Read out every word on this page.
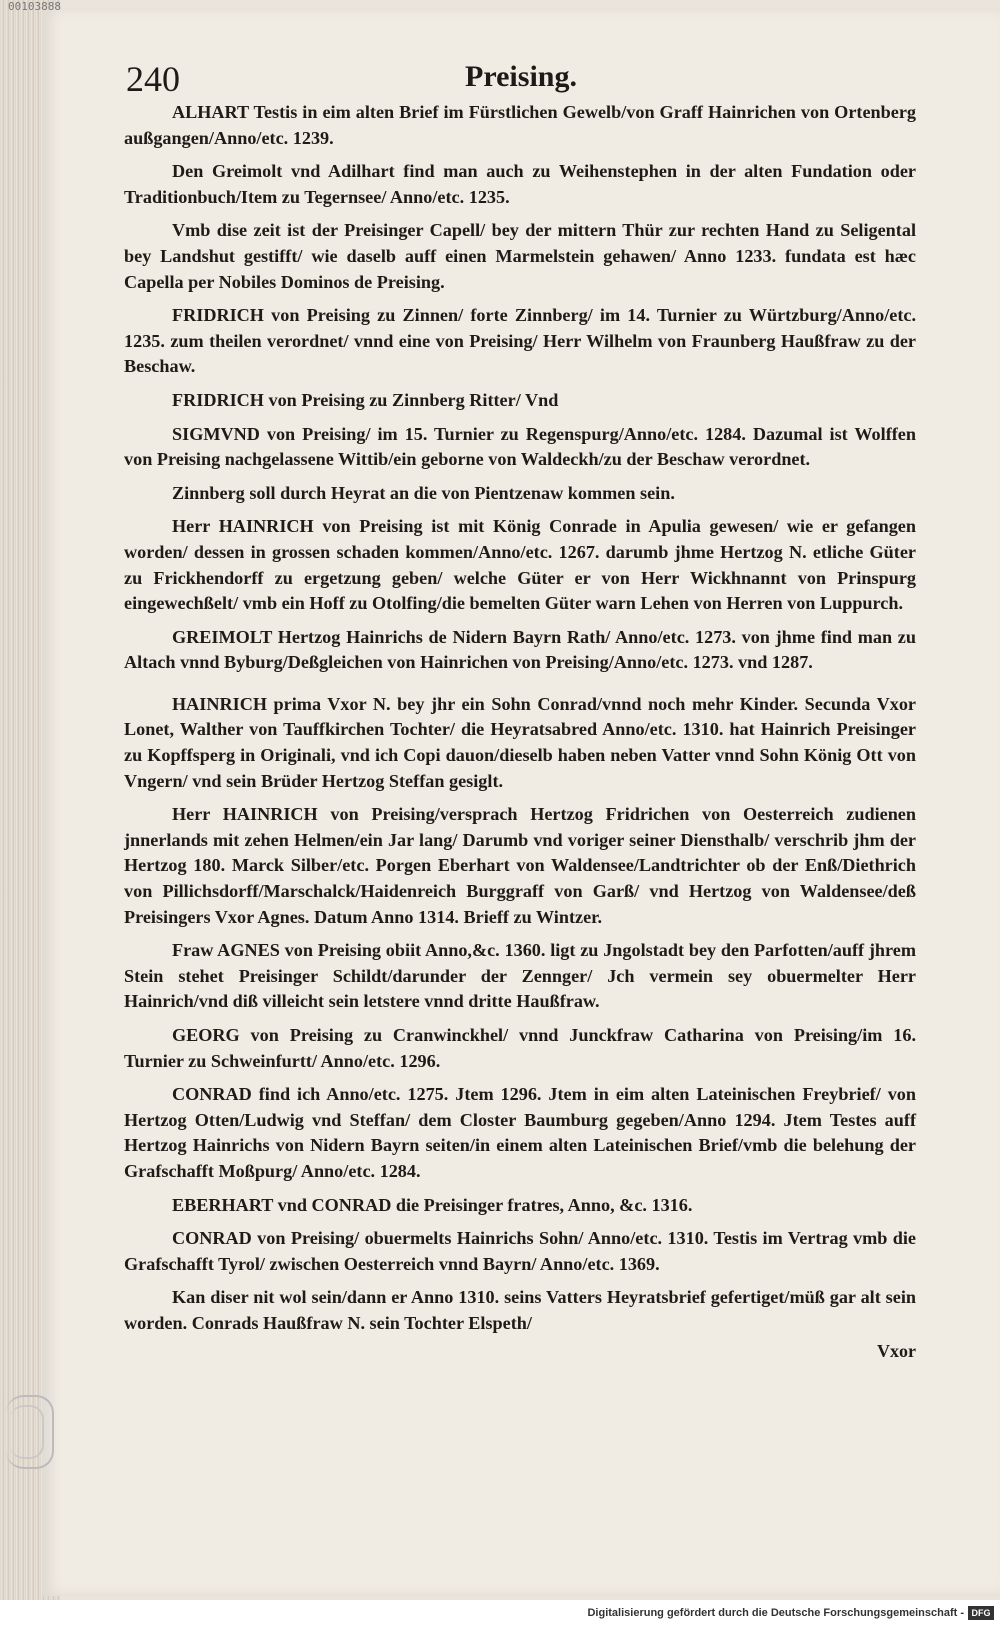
00103888
240	Preising.

ALHART Testis in eim alten Brief im Fürstlichen Gewelb/von Graff Hainrichen von Ortenberg außgangen/Anno/etc. 1239.

Den Greimolt vnd Adilhart find man auch zu Weihenstephen in der alten Fundation oder Traditionbuch/Item zu Tegernsee/ Anno/etc. 1235.

Vmb dise zeit ist der Preisinger Capell/ bey der mittern Thür zur rechten Hand zu Seligental bey Landshut gestifft/ wie daselb auff einen Marmelstein gehawen/ Anno 1233. fundata est hæc Capella per Nobiles Dominos de Preising.

FRIDRICH von Preising zu Zinnen/ forte Zinnberg/ im 14. Turnier zu Würtzburg/Anno/etc. 1235. zum theilen verordnet/ vnnd eine von Preising/ Herr Wilhelm von Fraunberg Haußfraw zu der Beschaw.

FRIDRICH von Preising zu Zinnberg Ritter/ Vnd

SIGMVND von Preising/ im 15. Turnier zu Regenspurg/Anno/etc. 1284. Dazumal ist Wolffen von Preising nachgelassene Wittib/ein geborne von Waldeckh/zu der Beschaw verordnet.

Zinnberg soll durch Heyrat an die von Pientzenaw kommen sein.

Herr HAINRICH von Preising ist mit König Conrade in Apulia gewesen/ wie er gefangen worden/ dessen in grossen schaden kommen/Anno/etc. 1267. darumb jhme Hertzog N. etliche Güter zu Frickhendorff zu ergetzung geben/ welche Güter er von Herr Wickhnannt von Prinspurg eingewechßelt/ vmb ein Hoff zu Otolfing/die bemelten Güter warn Lehen von Herren von Luppurch.

GREIMOLT Hertzog Hainrichs de Nidern Bayrn Rath/ Anno/etc. 1273. von jhme find man zu Altach vnnd Byburg/Deßgleichen von Hainrichen von Preising/Anno/etc. 1273. vnd 1287.

HAINRICH prima Vxor N. bey jhr ein Sohn Conrad/vnnd noch mehr Kinder. Secunda Vxor Lonet, Walther von Tauffkirchen Tochter/ die Heyratsabred Anno/etc. 1310. hat Hainrich Preisinger zu Kopffsperg in Originali, vnd ich Copi dauon/dieselb haben neben Vatter vnnd Sohn König Ott von Vngern/ vnd sein Brüder Hertzog Steffan gesiglt.

Herr HAINRICH von Preising/versprach Hertzog Fridrichen von Oesterreich zudienen jnnerlands mit zehen Helmen/ein Jar lang/ Darumb vnd voriger seiner Diensthalb/ verschrib jhm der Hertzog 180. Marck Silber/etc. Porgen Eberhart von Waldensee/Landtrichter ob der Enß/Diethrich von Pillichsdorff/Marschalck/Haidenreich Burggraff von Garß/ vnd Hertzog von Waldensee/deß Preisingers Vxor Agnes. Datum Anno 1314. Brieff zu Wintzer.

Fraw AGNES von Preising obiit Anno,&c. 1360. ligt zu Jngolstadt bey den Parfotten/auff jhrem Stein stehet Preisinger Schildt/darunder der Zennger/ Jch vermein sey obuermelter Herr Hainrich/vnd diß villeicht sein letstere vnnd dritte Haußfraw.

GEORG von Preising zu Cranwinckhel/ vnnd Junckfraw Catharina von Preising/im 16. Turnier zu Schweinfurtt/ Anno/etc. 1296.

CONRAD find ich Anno/etc. 1275. Jtem 1296. Jtem in eim alten Lateinischen Freybrief/ von Hertzog Otten/Ludwig vnd Steffan/ dem Closter Baumburg gegeben/Anno 1294. Jtem Testes auff Hertzog Hainrichs von Nidern Bayrn seiten/in einem alten Lateinischen Brief/vmb die belehung der Grafschafft Moßpurg/ Anno/etc. 1284.

EBERHART vnd CONRAD die Preisinger fratres, Anno, &c. 1316.

CONRAD von Preising/ obuermelts Hainrichs Sohn/ Anno/etc. 1310. Testis im Vertrag vmb die Grafschafft Tyrol/ zwischen Oesterreich vnnd Bayrn/ Anno/etc. 1369.

Kan diser nit wol sein/dann er Anno 1310. seins Vatters Heyratsbrief gefertiget/müß gar alt sein worden. Conrads Haußfraw N. sein Tochter Elspeth/

Vxor
Digitalisierung gefördert durch die Deutsche Forschungsgemeinschaft - DFG
